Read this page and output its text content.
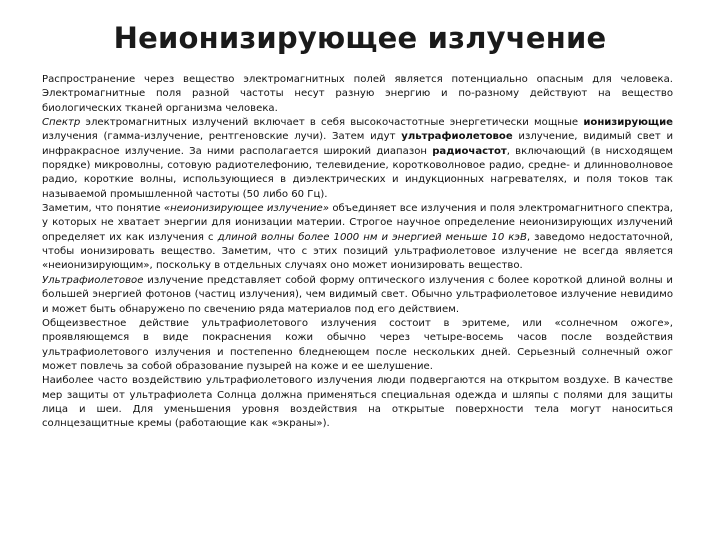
Неионизирующее излучение

Распространение через вещество электромагнитных полей является потенциально опасным для человека. Электромагнитные поля разной частоты несут разную энергию и по-разному действуют на вещество биологических тканей организма человека.

Спектр электромагнитных излучений включает в себя высокочастотные энергетически мощные ионизирующие излучения (гамма-излучение, рентгеновские лучи). Затем идут ультрафиолетовое излучение, видимый свет и инфракрасное излучение. За ними располагается широкий диапазон радиочастот, включающий (в нисходящем порядке) микроволны, сотовую радиотелефонию, телевидение, коротковолновое радио, средне- и длинноволновое радио, короткие волны, использующиеся в диэлектрических и индукционных нагревателях, и поля токов так называемой промышленной частоты (50 либо 60 Гц).

Заметим, что понятие «неионизирующее излучение» объединяет все излучения и поля электромагнитного спектра, у которых не хватает энергии для ионизации материи. Строгое научное определение неионизирующих излучений определяет их как излучения с длиной волны более 1000 нм и энергией меньше 10 кэВ, заведомо недостаточной, чтобы ионизировать вещество. Заметим, что с этих позиций ультрафиолетовое излучение не всегда является «неионизирующим», поскольку в отдельных случаях оно может ионизировать вещество.

Ультрафиолетовое излучение представляет собой форму оптического излучения с более короткой длиной волны и большей энергией фотонов (частиц излучения), чем видимый свет. Обычно ультрафиолетовое излучение невидимо и может быть обнаружено по свечению ряда материалов под его действием.

Общеизвестное действие ультрафиолетового излучения состоит в эритеме, или «солнечном ожоге», проявляющемся в виде покраснения кожи обычно через четыре-восемь часов после воздействия ультрафиолетового излучения и постепенно бледнеющем после нескольких дней. Серьезный солнечный ожог может повлечь за собой образование пузырей на коже и ее шелушение.

Наиболее часто воздействию ультрафиолетового излучения люди подвергаются на открытом воздухе. В качестве мер защиты от ультрафиолета Солнца должна применяться специальная одежда и шляпы с полями для защиты лица и шеи. Для уменьшения уровня воздействия на открытые поверхности тела могут наноситься солнцезащитные кремы (работающие как «экраны»).
